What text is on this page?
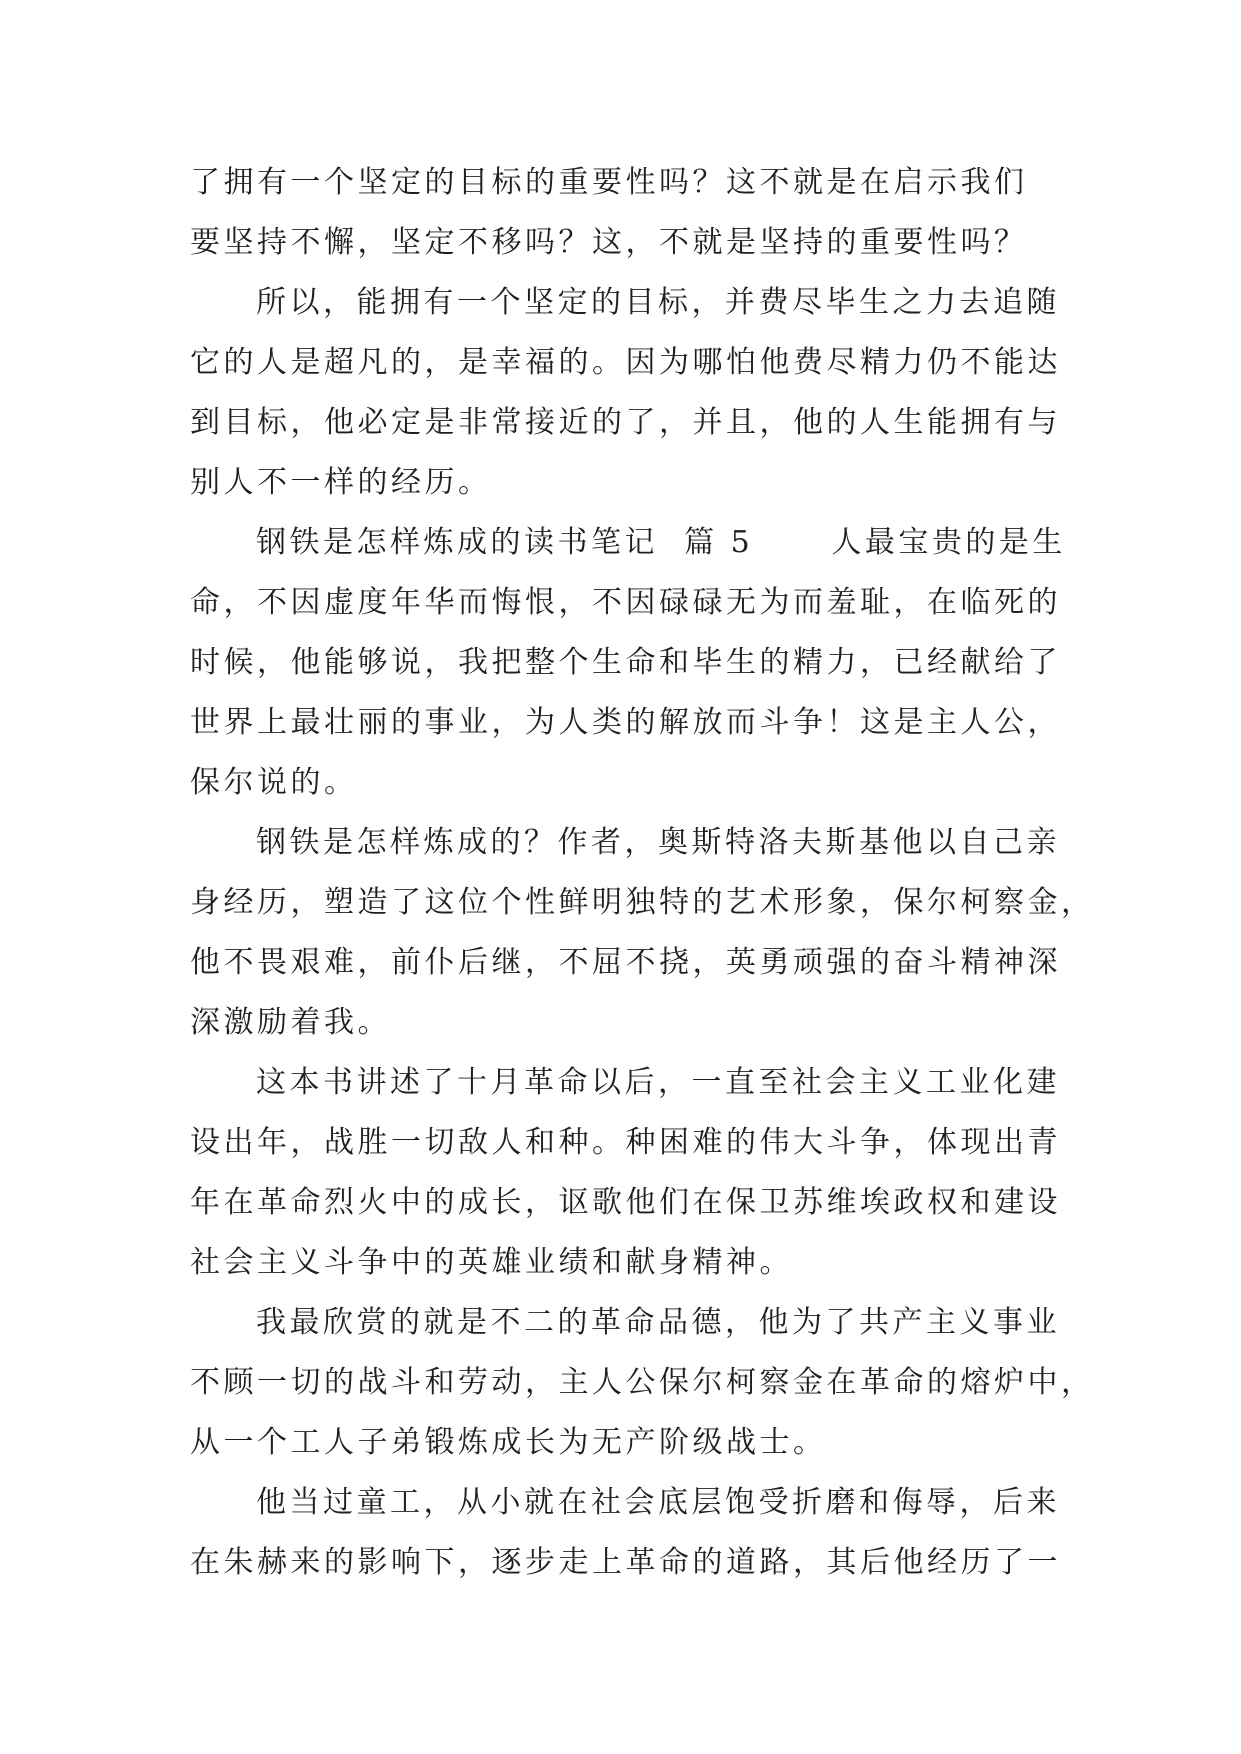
了拥有一个坚定的目标的重要性吗？这不就是在启示我们
要坚持不懈，坚定不移吗？这，不就是坚持的重要性吗？
所以，能拥有一个坚定的目标，并费尽毕生之力去追随
它的人是超凡的，是幸福的。因为哪怕他费尽精力仍不能达
到目标，他必定是非常接近的了，并且，他的人生能拥有与
别人不一样的经历。
钢铁是怎样炼成的读书笔记  篇 5      人最宝贵的是生
命，不因虚度年华而悔恨，不因碌碌无为而羞耻，在临死的
时候，他能够说，我把整个生命和毕生的精力，已经献给了
世界上最壮丽的事业，为人类的解放而斗争！这是主人公，
保尔说的。
钢铁是怎样炼成的？作者，奥斯特洛夫斯基他以自己亲
身经历，塑造了这位个性鲜明独特的艺术形象，保尔柯察金，
他不畏艰难，前仆后继，不屈不挠，英勇顽强的奋斗精神深
深激励着我。
这本书讲述了十月革命以后，一直至社会主义工业化建
设出年，战胜一切敌人和种。种困难的伟大斗争，体现出青
年在革命烈火中的成长，讴歌他们在保卫苏维埃政权和建设
社会主义斗争中的英雄业绩和献身精神。
我最欣赏的就是不二的革命品德，他为了共产主义事业
不顾一切的战斗和劳动，主人公保尔柯察金在革命的熔炉中，
从一个工人子弟锻炼成长为无产阶级战士。
他当过童工，从小就在社会底层饱受折磨和侮辱，后来
在朱赫来的影响下，逐步走上革命的道路，其后他经历了一
